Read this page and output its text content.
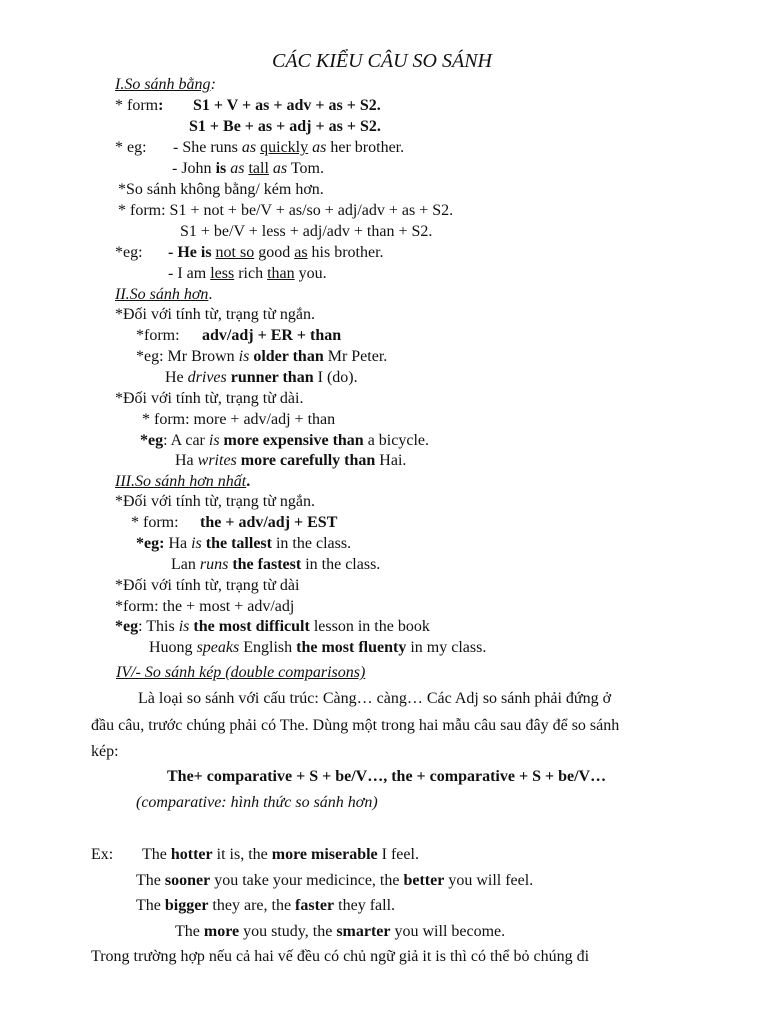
CÁC KIỂU CÂU SO SÁNH
I.So sánh bằng:
* form: S1 + V + as + adv + as + S2.
S1 + Be + as + adj + as + S2.
* eg: - She runs as quickly as her brother.
- John is as tall as Tom.
*So sánh không bằng/ kém hơn.
* form: S1 + not + be/V + as/so + adj/adv + as + S2.
S1 + be/V + less + adj/adv + than + S2.
*eg: - He is not so good as his brother.
- I am less rich than you.
II.So sánh hơn.
*Đối với tính từ, trạng từ ngắn.
*form: adv/adj + ER + than
*eg: Mr Brown is older than Mr Peter.
He drives runner than I (do).
*Đối với tính từ, trạng từ dài.
* form: more + adv/adj + than
*eg: A car is more expensive than a bicycle.
Ha writes more carefully than Hai.
III.So sánh hơn nhất.
*Đối với tính từ, trạng từ ngắn.
* form: the + adv/adj + EST
*eg: Ha is the tallest in the class.
Lan runs the fastest in the class.
*Đối với tính từ, trạng từ dài
*form: the + most + adv/adj
*eg: This is the most difficult lesson in the book
Huong speaks English the most fluenty in my class.
IV/- So sánh kép (double comparisons)
Là loại so sánh với cấu trúc: Càng… càng… Các Adj so sánh phải đứng ở
đầu câu, trước chúng phải có The. Dùng một trong hai mẫu câu sau đây để so sánh
kép:
The+ comparative + S + be/V…, the + comparative + S + be/V…
(comparative: hình thức so sánh hơn)
Ex: The hotter it is, the more miserable I feel.
The sooner you take your medicince, the better you will feel.
The bigger they are, the faster they fall.
The more you study, the smarter you will become.
Trong trường hợp nếu cả hai vế đều có chủ ngữ giả it is thì có thể bỏ chúng đi
